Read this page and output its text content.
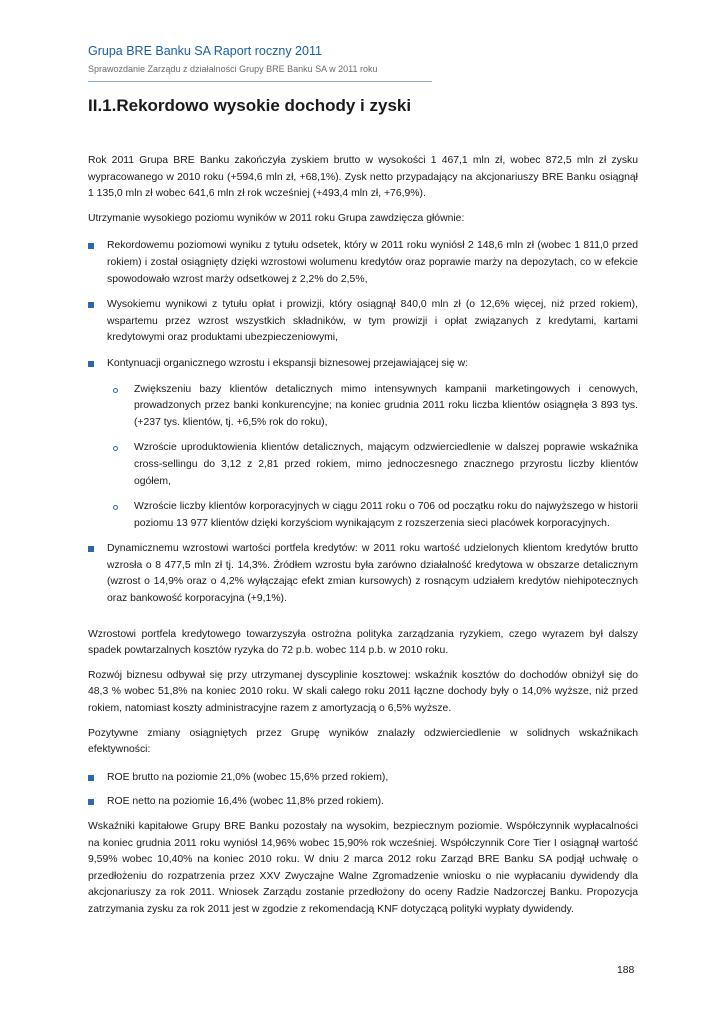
Grupa BRE Banku SA Raport roczny 2011
Sprawozdanie Zarządu z działalności Grupy BRE Banku SA w 2011 roku
II.1.Rekordowo wysokie dochody i zyski

Rok 2011 Grupa BRE Banku zakończyła zyskiem brutto w wysokości 1 467,1 mln zł, wobec 872,5 mln zł zysku wypracowanego w 2010 roku (+594,6 mln zł, +68,1%). Zysk netto przypadający na akcjonariuszy BRE Banku osiągnął 1 135,0 mln zł wobec 641,6 mln zł rok wcześniej (+493,4 mln zł, +76,9%).

Utrzymanie wysokiego poziomu wyników w 2011 roku Grupa zawdzięcza głównie:

Rekordowemu poziomowi wyniku z tytułu odsetek, który w 2011 roku wyniósł 2 148,6 mln zł (wobec 1 811,0 przed rokiem) i został osiągnięty dzięki wzrostowi wolumenu kredytów oraz poprawie marży na depozytach, co w efekcie spowodowało wzrost marży odsetkowej z 2,2% do 2,5%,
Wysokiemu wynikowi z tytułu opłat i prowizji, który osiągnął 840,0 mln zł (o 12,6% więcej, niż przed rokiem), wspartemu przez wzrost wszystkich składników, w tym prowizji i opłat związanych z kredytami, kartami kredytowymi oraz produktami ubezpieczeniowymi,
Kontynuacji organicznego wzrostu i ekspansji biznesowej przejawiającej się w:
Zwiększeniu bazy klientów detalicznych mimo intensywnych kampanii marketingowych i cenowych, prowadzonych przez banki konkurencyjne; na koniec grudnia 2011 roku liczba klientów osiągnęła 3 893 tys. (+237 tys. klientów, tj. +6,5% rok do roku),
Wzroście uproduktowienia klientów detalicznych, mającym odzwierciedlenie w dalszej poprawie wskaźnika cross-sellingu do 3,12 z 2,81 przed rokiem, mimo jednoczesnego znacznego przyrostu liczby klientów ogółem,
Wzroście liczby klientów korporacyjnych w ciągu 2011 roku o 706 od początku roku do najwyższego w historii poziomu 13 977 klientów dzięki korzyściom wynikającym z rozszerzenia sieci placówek korporacyjnych.
Dynamicznemu wzrostowi wartości portfela kredytów: w 2011 roku wartość udzielonych klientom kredytów brutto wzrosła o 8 477,5 mln zł tj. 14,3%. Źródłem wzrostu była zarówno działalność kredytowa w obszarze detalicznym (wzrost o 14,9% oraz o 4,2% wyłączając efekt zmian kursowych) z rosnącym udziałem kredytów niehipotecznych oraz bankowość korporacyjna (+9,1%).

Wzrostowi portfela kredytowego towarzyszyła ostrożna polityka zarządzania ryzykiem, czego wyrazem był dalszy spadek powtarzalnych kosztów ryzyka do 72 p.b. wobec 114 p.b. w 2010 roku.

Rozwój biznesu odbywał się przy utrzymanej dyscyplinie kosztowej: wskaźnik kosztów do dochodów obniżył się do 48,3 % wobec 51,8% na koniec 2010 roku. W skali całego roku 2011 łączne dochody były o 14,0% wyższe, niż przed rokiem, natomiast koszty administracyjne razem z amortyzacją o 6,5% wyższe.

Pozytywne zmiany osiągniętych przez Grupę wyników znalazły odzwierciedlenie w solidnych wskaźnikach efektywności:

ROE brutto na poziomie 21,0% (wobec 15,6% przed rokiem),
ROE netto na poziomie 16,4% (wobec 11,8% przed rokiem).

Wskaźniki kapitałowe Grupy BRE Banku pozostały na wysokim, bezpiecznym poziomie. Współczynnik wypłacalności na koniec grudnia 2011 roku wyniósł 14,96% wobec 15,90% rok wcześniej. Współczynnik Core Tier I osiągnął wartość 9,59% wobec 10,40% na koniec 2010 roku. W dniu 2 marca 2012 roku Zarząd BRE Banku SA podjął uchwałę o przedłożeniu do rozpatrzenia przez XXV Zwyczajne Walne Zgromadzenie wniosku o nie wypłacaniu dywidendy dla akcjonariuszy za rok 2011. Wniosek Zarządu zostanie przedłożony do oceny Radzie Nadzorczej Banku. Propozycja zatrzymania zysku za rok 2011 jest w zgodzie z rekomendacją KNF dotyczącą polityki wypłaty dywidendy.

188
